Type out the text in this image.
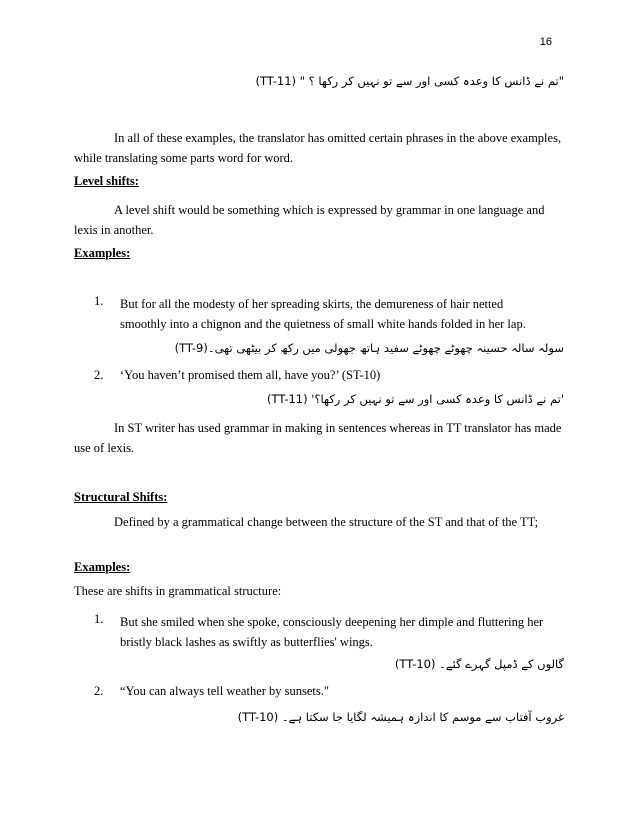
16
"تم نے ڈانس کا وعدہ کسی اور سے تو نہیں کر رکھا ؟ " (TT-11)
In all of these examples, the translator has omitted certain phrases in the above examples, while translating some parts word for word.
Level shifts:
A level shift would be something which is expressed by grammar in one language and lexis in another.
Examples:
1. But for all the modesty of her spreading skirts, the demureness of hair netted smoothly into a chignon and the quietness of small white hands folded in her lap.
سولہ سالہ حسینہ چھوٹے چھوٹے سفید ہاتھ جھولی میں رکھ کر بیٹھی تھی۔(TT-9)
2. ‘You haven’t promised them all, have you?’ (ST-10)
'تم نے ڈانس کا وعدہ کسی اور سے تو نہیں کر رکھا؟' (TT-11)
In ST writer has used grammar in making in sentences whereas in TT translator has made use of lexis.
Structural Shifts:
Defined by a grammatical change between the structure of the ST and that of the TT;
Examples:
These are shifts in grammatical structure:
1. But she smiled when she spoke, consciously deepening her dimple and fluttering her bristly black lashes as swiftly as butterflies' wings.
گالوں کے ڈمپل گہرے گئے۔ (TT-10)
2. “You can always tell weather by sunsets."
غروب آفتاب سے موسم کا اندازہ ہمیشہ لگایا جا سکتا ہے۔ (TT-10)
